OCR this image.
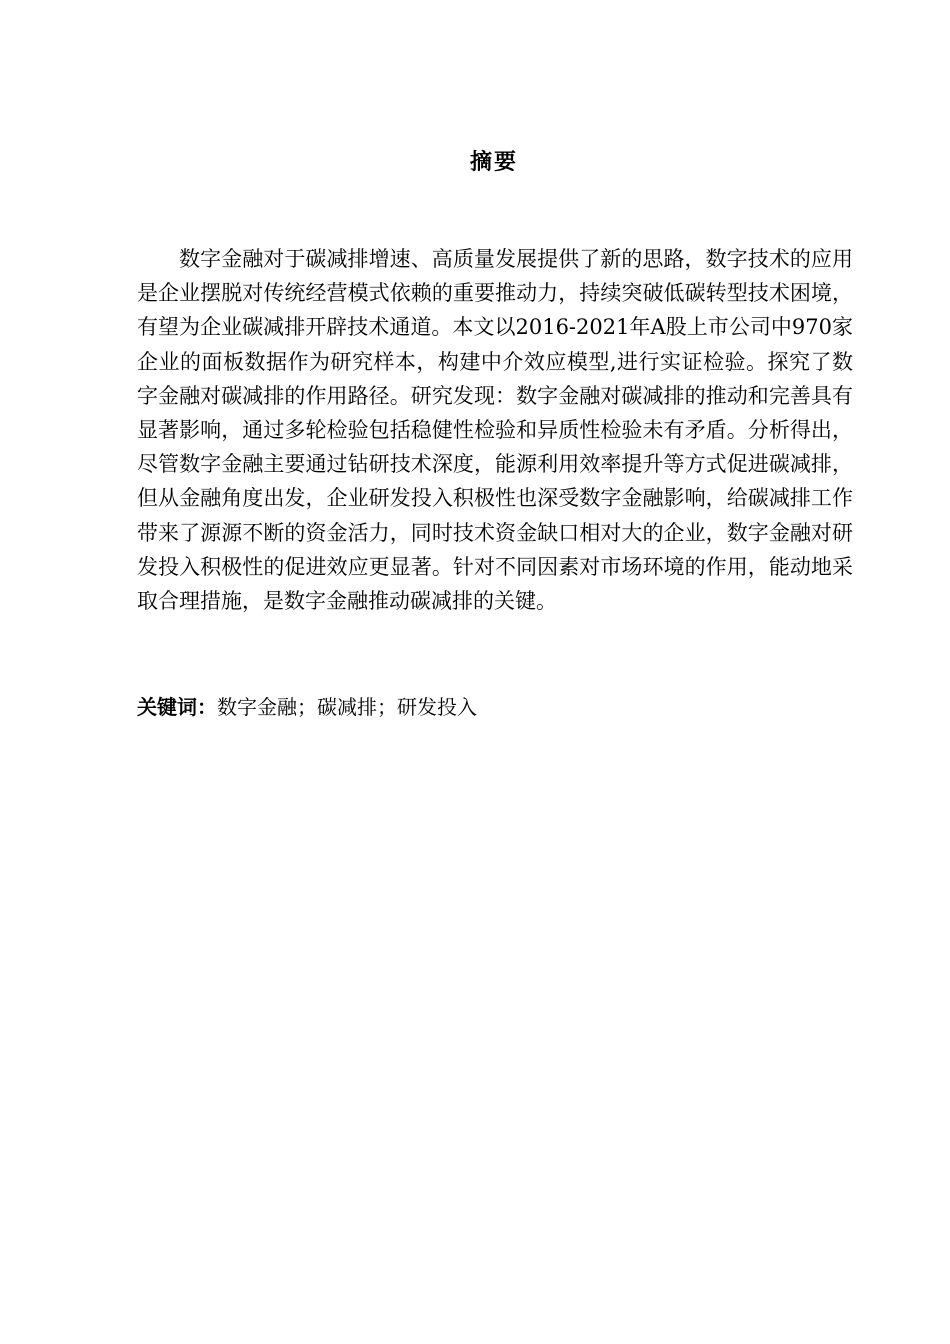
摘要

数字金融对于碳减排增速、高质量发展提供了新的思路，数字技术的应用是企业摆脱对传统经营模式依赖的重要推动力，持续突破低碳转型技术困境，有望为企业碳减排开辟技术通道。本文以2016-2021年A股上市公司中970家企业的面板数据作为研究样本，构建中介效应模型,进行实证检验。探究了数字金融对碳减排的作用路径。研究发现：数字金融对碳减排的推动和完善具有显著影响，通过多轮检验包括稳健性检验和异质性检验未有矛盾。分析得出，尽管数字金融主要通过钻研技术深度，能源利用效率提升等方式促进碳减排，但从金融角度出发，企业研发投入积极性也深受数字金融影响，给碳减排工作带来了源源不断的资金活力，同时技术资金缺口相对大的企业，数字金融对研发投入积极性的促进效应更显著。针对不同因素对市场环境的作用，能动地采取合理措施，是数字金融推动碳减排的关键。

关键词：数字金融；碳减排；研发投入
